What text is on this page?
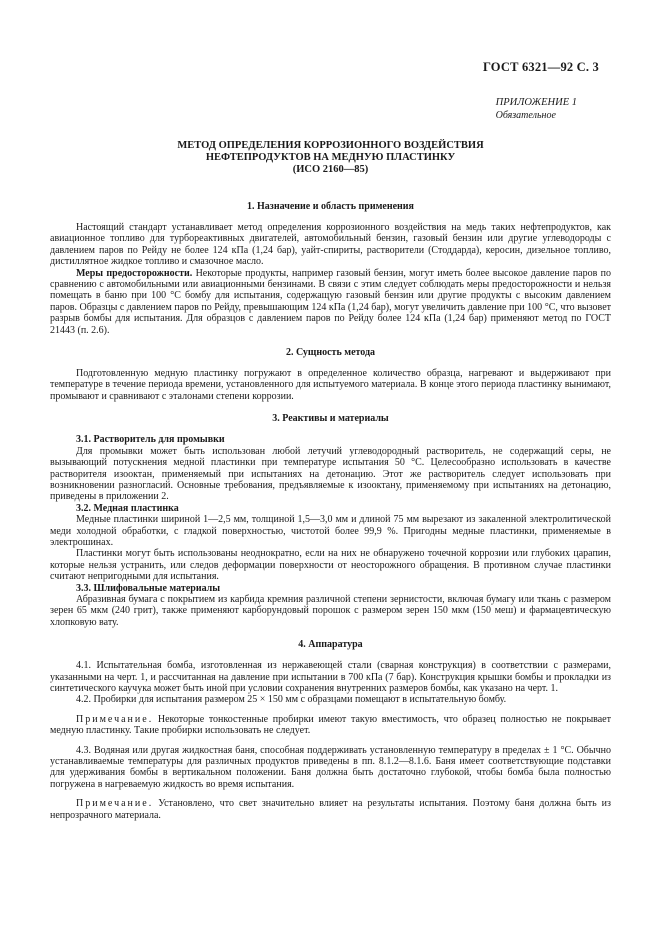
ГОСТ 6321—92 С. 3
ПРИЛОЖЕНИЕ 1
Обязательное
МЕТОД ОПРЕДЕЛЕНИЯ КОРРОЗИОННОГО ВОЗДЕЙСТВИЯ
НЕФТЕПРОДУКТОВ НА МЕДНУЮ ПЛАСТИНКУ
(ИСО 2160—85)
1. Назначение и область применения

Настоящий стандарт устанавливает метод определения коррозионного воздействия на медь таких нефтепродуктов, как авиационное топливо для турбореактивных двигателей, автомобильный бензин, газовый бензин или другие углеводороды с давлением паров по Рейду не более 124 кПа (1,24 бар), уайт-спириты, растворители (Стоддарда), керосин, дизельное топливо, дистиллятное жидкое топливо и смазочное масло.

Меры предосторожности. Некоторые продукты, например газовый бензин, могут иметь более высокое давление паров по сравнению с автомобильными или авиационными бензинами. В связи с этим следует соблюдать меры предосторожности и нельзя помещать в баню при 100 °С бомбу для испытания, содержащую газовый бензин или другие продукты с высоким давлением паров. Образцы с давлением паров по Рейду, превышающим 124 кПа (1,24 бар), могут увеличить давление при 100 °С, что вызовет разрыв бомбы для испытания. Для образцов с давлением паров по Рейду более 124 кПа (1,24 бар) применяют метод по ГОСТ 21443 (п. 2.6).

2. Сущность метода

Подготовленную медную пластинку погружают в определенное количество образца, нагревают и выдерживают при температуре в течение периода времени, установленного для испытуемого материала. В конце этого периода пластинку вынимают, промывают и сравнивают с эталонами степени коррозии.

3. Реактивы и материалы
3.1. Растворитель для промывки

Для промывки может быть использован любой летучий углеводородный растворитель, не содержащий серы, не вызывающий потускнения медной пластинки при температуре испытания 50 °С. Целесообразно использовать в качестве растворителя изооктан, применяемый при испытаниях на детонацию. Этот же растворитель следует использовать при возникновении разногласий. Основные требования, предъявляемые к изооктану, применяемому при испытаниях на детонацию, приведены в приложении 2.

3.2. Медная пластинка

Медные пластинки шириной 1—2,5 мм, толщиной 1,5—3,0 мм и длиной 75 мм вырезают из закаленной электролитической меди холодной обработки, с гладкой поверхностью, чистотой более 99,9 %. Пригодны медные пластинки, применяемые в электрошинах.

Пластинки могут быть использованы неоднократно, если на них не обнаружено точечной коррозии или глубоких царапин, которые нельзя устранить, или следов деформации поверхности от неосторожного обращения. В противном случае пластинки считают непригодными для испытания.

3.3. Шлифовальные материалы

Абразивная бумага с покрытием из карбида кремния различной степени зернистости, включая бумагу или ткань с размером зерен 65 мкм (240 грит), также применяют карборундовый порошок с размером зерен 150 мкм (150 меш) и фармацевтическую хлопковую вату.

4. Аппаратура

4.1. Испытательная бомба, изготовленная из нержавеющей стали (сварная конструкция) в соответствии с размерами, указанными на черт. 1, и рассчитанная на давление при испытании в 700 кПа (7 бар). Конструкция крышки бомбы и прокладки из синтетического каучука может быть иной при условии сохранения внутренних размеров бомбы, как указано на черт. 1.

4.2. Пробирки для испытания размером 25 × 150 мм с образцами помещают в испытательную бомбу.

Примечание. Некоторые тонкостенные пробирки имеют такую вместимость, что образец полностью не покрывает медную пластинку. Такие пробирки использовать не следует.

4.3. Водяная или другая жидкостная баня, способная поддерживать установленную температуру в пределах ± 1 °С. Обычно устанавливаемые температуры для различных продуктов приведены в пп. 8.1.2—8.1.6. Баня имеет соответствующие подставки для удерживания бомбы в вертикальном положении. Баня должна быть достаточно глубокой, чтобы бомба была полностью погружена в нагреваемую жидкость во время испытания.

Примечание. Установлено, что свет значительно влияет на результаты испытания. Поэтому баня должна быть из непрозрачного материала.
